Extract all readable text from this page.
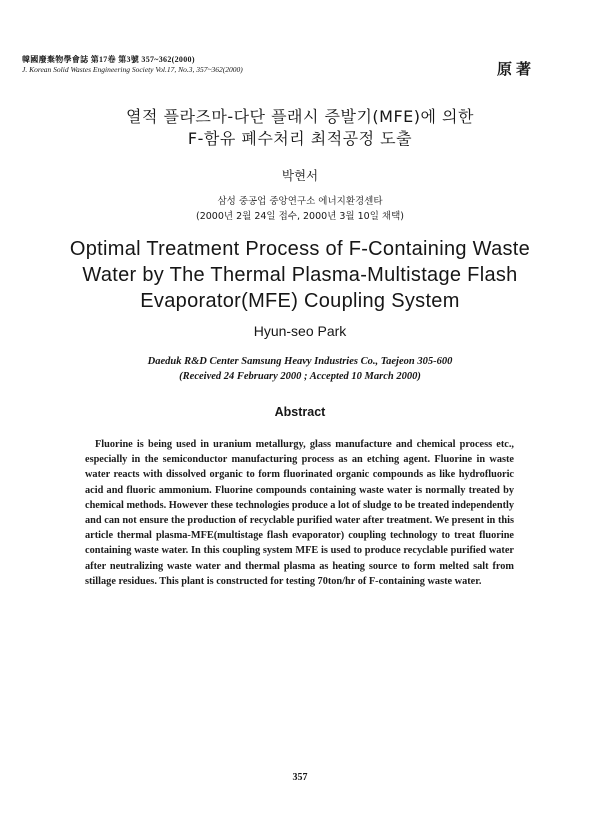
韓國廢棄物學會誌 第17卷 第3號 357~362(2000)
J. Korean Solid Wastes Engineering Society Vol.17, No.3, 357~362(2000)	原著
열적 플라즈마-다단 플래시 증발기(MFE)에 의한
F-함유 폐수처리 최적공정 도출
박현서
삼성 중공업 중앙연구소 에너지환경센타
(2000년 2월 24일 접수, 2000년 3월 10일 채택)
Optimal Treatment Process of F-Containing Waste
Water by The Thermal Plasma-Multistage Flash
Evaporator(MFE) Coupling System
Hyun-seo Park
Daeduk R&D Center Samsung Heavy Industries Co., Taejeon 305-600
(Received 24 February 2000 ; Accepted 10 March 2000)
Abstract

Fluorine is being used in uranium metallurgy, glass manufacture and chemical process etc., especially in the semiconductor manufacturing process as an etching agent. Fluorine in waste water reacts with dissolved organic to form fluorinated organic compounds as like hydrofluoric acid and fluoric ammonium. Fluorine compounds containing waste water is normally treated by chemical methods. However these technologies produce a lot of sludge to be treated independently and can not ensure the production of recyclable purified water after treatment. We present in this article thermal plasma-MFE(multistage flash evaporator) coupling technology to treat fluorine containing waste water. In this coupling system MFE is used to produce recyclable purified water after neutralizing waste water and thermal plasma as heating source to form melted salt from stillage residues. This plant is constructed for testing 70ton/hr of F-containing waste water.

357
